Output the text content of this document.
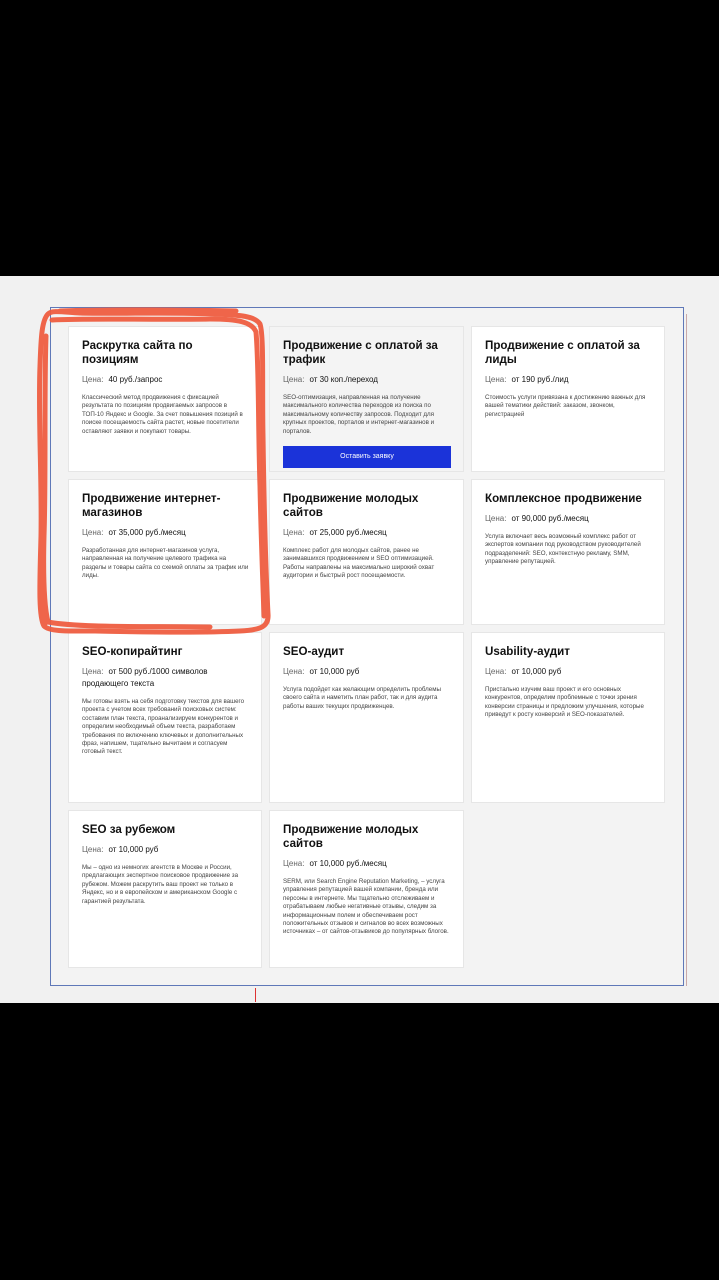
Раскрутка сайта по позициям
Цена: 40 руб./запрос

Классический метод продвижения с фиксацией результата по позициям продвигаемых запросов в ТОП-10 Яндекс и Google. За счет повышения позиций в поиске посещаемость сайта растет, новые посетители оставляют заявки и покупают товары.

Продвижение с оплатой за трафик
Цена: от 30 коп./переход

SEO-оптимизация, направленная на получение максимального количества переходов из поиска по максимальному количеству запросов. Подходит для крупных проектов, порталов и интернет-магазинов и порталов.

Оставить заявку
Продвижение с оплатой за лиды
Цена: от 190 руб./лид

Стоимость услуги привязана к достижению важных для вашей тематики действий: заказом, звонком, регистрацией

Продвижение интернет-магазинов
Цена: от 35,000 руб./месяц

Разработанная для интернет-магазинов услуга, направленная на получение целевого трафика на разделы и товары сайта со схемой оплаты за трафик или лиды.

Продвижение молодых сайтов
Цена: от 25,000 руб./месяц

Комплекс работ для молодых сайтов, ранее не занимавшихся продвижением и SEO оптимизацией. Работы направлены на максимально широкий охват аудитории и быстрый рост посещаемости.

Комплексное продвижение
Цена: от 90,000 руб./месяц

Услуга включает весь возможный комплекс работ от экспертов компании под руководством руководителей подразделений: SEO, контекстную рекламу, SMM, управление репутацией.

SEO-копирайтинг
Цена: от 500 руб./1000 символов продающего текста

Мы готовы взять на себя подготовку текстов для вашего проекта с учетом всех требований поисковых систем: составим план текста, проанализируем конкурентов и определим необходимый объем текста, разработаем требования по включению ключевых и дополнительных фраз, напишем, тщательно вычитаем и согласуем готовый текст.

SEO-аудит
Цена: от 10,000 руб

Услуга подойдет как желающим определить проблемы своего сайта и наметить план работ, так и для аудита работы ваших текущих продвиженцев.

Usability-аудит
Цена: от 10,000 руб

Пристально изучим ваш проект и его основных конкурентов, определим проблемные с точки зрения конверсии страницы и предложим улучшения, которые приведут к росту конверсий и SEO-показателей.

SEO за рубежом
Цена: от 10,000 руб

Мы – одно из немногих агентств в Москве и России, предлагающих экспертное поисковое продвижение за рубежом. Можем раскрутить ваш проект не только в Яндекс, но и в европейском и американском Google с гарантией результата.

Продвижение молодых сайтов
Цена: от 10,000 руб./месяц

SERM, или Search Engine Reputation Marketing, – услуга управления репутацией вашей компании, бренда или персоны в интернете. Мы тщательно отслеживаем и отрабатываем любые негативные отзывы, следим за информационным полем и обеспечиваем рост положительных отзывов и сигналов во всех возможных источниках – от сайтов-отзывиков до популярных блогов.
